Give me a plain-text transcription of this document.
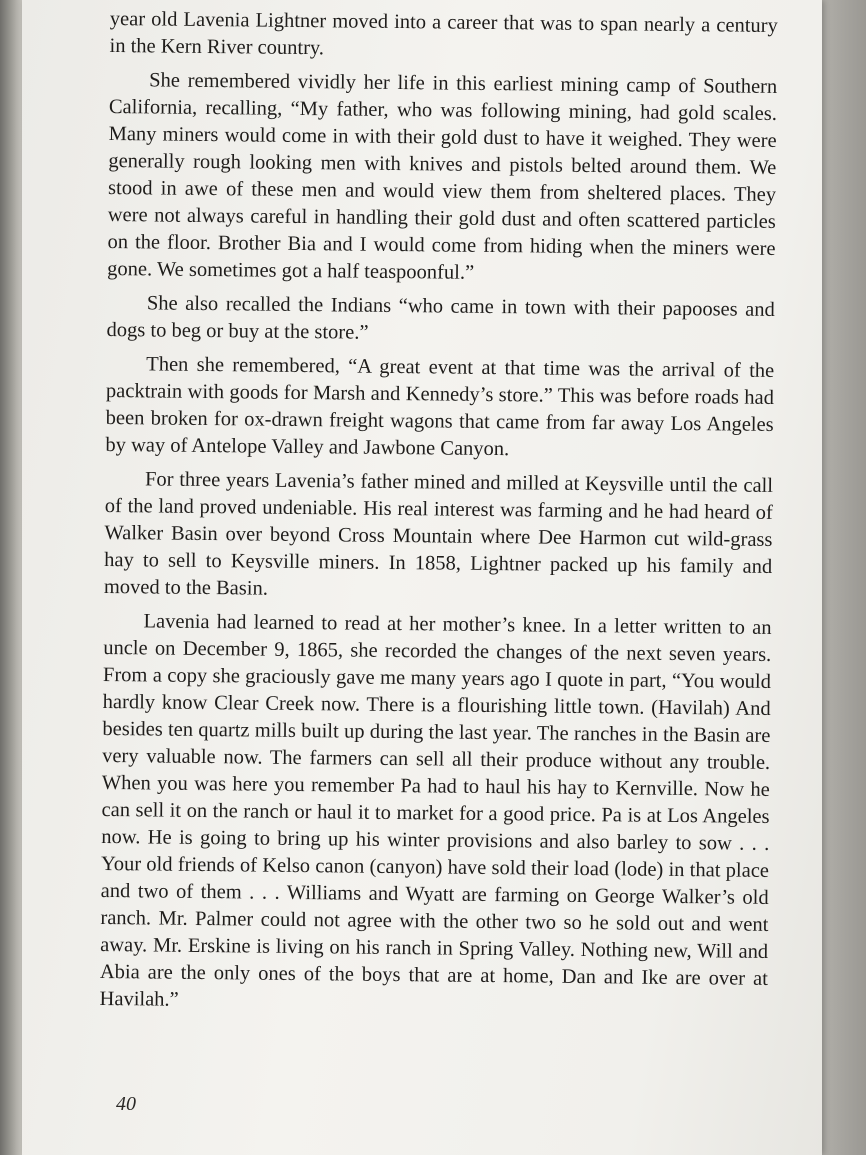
year old Lavenia Lightner moved into a career that was to span nearly a century in the Kern River country.

She remembered vividly her life in this earliest mining camp of Southern California, recalling, “My father, who was following mining, had gold scales. Many miners would come in with their gold dust to have it weighed. They were generally rough looking men with knives and pistols belted around them. We stood in awe of these men and would view them from sheltered places. They were not always careful in handling their gold dust and often scattered particles on the floor. Brother Bia and I would come from hiding when the miners were gone. We sometimes got a half teaspoonful.”

She also recalled the Indians “who came in town with their papooses and dogs to beg or buy at the store.”

Then she remembered, “A great event at that time was the arrival of the packtrain with goods for Marsh and Kennedy’s store.” This was before roads had been broken for ox-drawn freight wagons that came from far away Los Angeles by way of Antelope Valley and Jawbone Canyon.

For three years Lavenia’s father mined and milled at Keysville until the call of the land proved undeniable. His real interest was farming and he had heard of Walker Basin over beyond Cross Mountain where Dee Harmon cut wild-grass hay to sell to Keysville miners. In 1858, Lightner packed up his family and moved to the Basin.

Lavenia had learned to read at her mother’s knee. In a letter written to an uncle on December 9, 1865, she recorded the changes of the next seven years. From a copy she graciously gave me many years ago I quote in part, “You would hardly know Clear Creek now. There is a flourishing little town. (Havilah) And besides ten quartz mills built up during the last year. The ranches in the Basin are very valuable now. The farmers can sell all their produce without any trouble. When you was here you remember Pa had to haul his hay to Kernville. Now he can sell it on the ranch or haul it to market for a good price. Pa is at Los Angeles now. He is going to bring up his winter provisions and also barley to sow . . . Your old friends of Kelso canon (canyon) have sold their load (lode) in that place and two of them . . . Williams and Wyatt are farming on George Walker’s old ranch. Mr. Palmer could not agree with the other two so he sold out and went away. Mr. Erskine is living on his ranch in Spring Valley. Nothing new, Will and Abia are the only ones of the boys that are at home, Dan and Ike are over at Havilah.”

40
